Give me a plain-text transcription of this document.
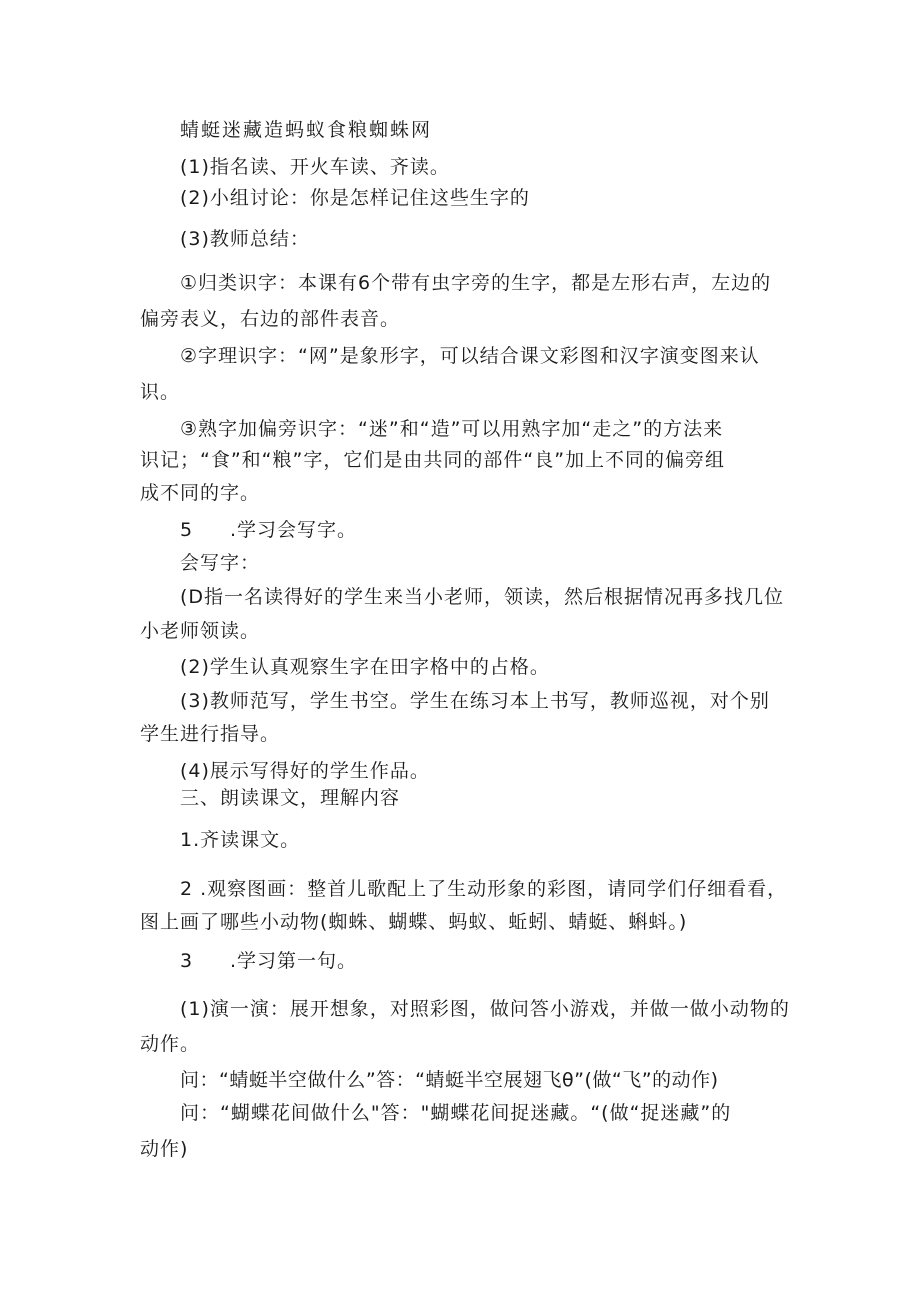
蜻蜓迷藏造蚂蚁食粮蜘蛛网
(1)指名读、开火车读、齐读。
(2)小组讨论：你是怎样记住这些生字的
(3)教师总结：
①归类识字：本课有6个带有虫字旁的生字，都是左形右声，左边的
偏旁表义，右边的部件表音。
②字理识字：“网”是象形字，可以结合课文彩图和汉字演变图来认
识。
③熟字加偏旁识字：“迷”和“造”可以用熟字加“走之”的方法来
识记；“食”和“粮”字，它们是由共同的部件“良”加上不同的偏旁组
成不同的字。
5 .学习会写字。
会写字：
(D指一名读得好的学生来当小老师，领读，然后根据情况再多找几位
小老师领读。
(2)学生认真观察生字在田字格中的占格。
(3)教师范写，学生书空。学生在练习本上书写，教师巡视，对个别
学生进行指导。
(4)展示写得好的学生作品。
三、朗读课文，理解内容
1.齐读课文。
2 .观察图画：整首儿歌配上了生动形象的彩图，请同学们仔细看看，
图上画了哪些小动物(蜘蛛、蝴蝶、蚂蚁、蚯蚓、蜻蜓、蝌蚪。)
3 .学习第一句。
(1)演一演：展开想象，对照彩图，做问答小游戏，并做一做小动物的
动作。
问：“蜻蜓半空做什么”答：“蜻蜓半空展翅飞θ”(做“飞”的动作)
问：“蝴蝶花间做什么"答："蝴蝶花间捉迷藏。“(做“捉迷藏”的
动作)
